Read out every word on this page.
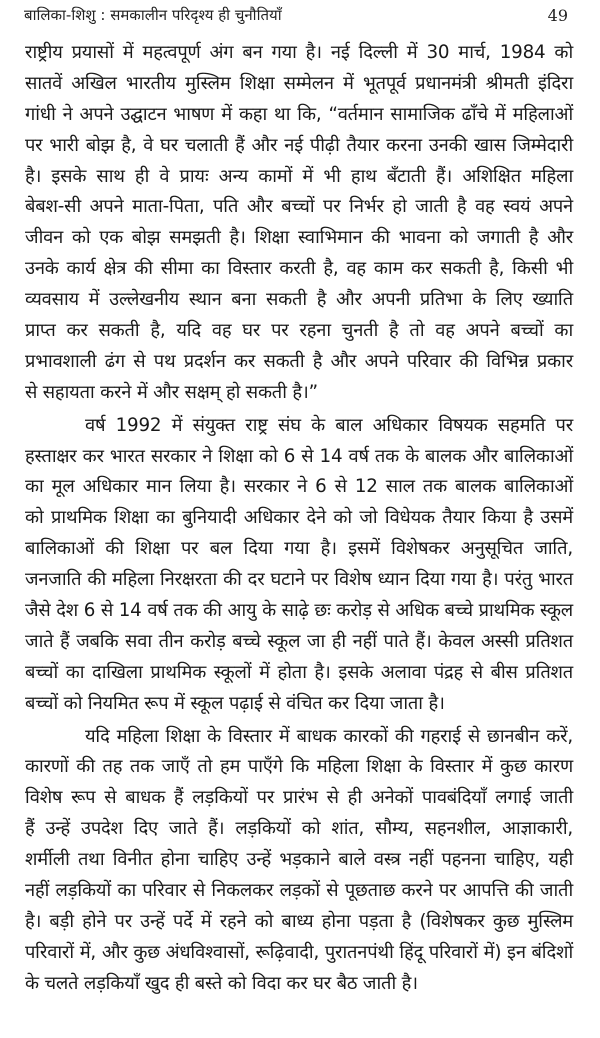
बालिका-शिशु : समकालीन परिदृश्य ही चुनौतियाँ	49
राष्ट्रीय प्रयासों में महत्वपूर्ण अंग बन गया है। नई दिल्ली में 30 मार्च, 1984 को
सातवें अखिल भारतीय मुस्लिम शिक्षा सम्मेलन में भूतपूर्व प्रधानमंत्री श्रीमती इंदिरा
गांधी ने अपने उद्घाटन भाषण में कहा था कि, “वर्तमान सामाजिक ढाँचे में महिलाओं
पर भारी बोझ है, वे घर चलाती हैं और नई पीढ़ी तैयार करना उनकी खास जिम्मेदारी
है। इसके साथ ही वे प्रायः अन्य कामों में भी हाथ बँटाती हैं। अशिक्षित महिला
बेबश-सी अपने माता-पिता, पति और बच्चों पर निर्भर हो जाती है वह स्वयं अपने
जीवन को एक बोझ समझती है। शिक्षा स्वाभिमान की भावना को जगाती है और
उनके कार्य क्षेत्र की सीमा का विस्तार करती है, वह काम कर सकती है, किसी भी
व्यवसाय में उल्लेखनीय स्थान बना सकती है और अपनी प्रतिभा के लिए ख्याति
प्राप्त कर सकती है, यदि वह घर पर रहना चुनती है तो वह अपने बच्चों का
प्रभावशाली ढंग से पथ प्रदर्शन कर सकती है और अपने परिवार की विभिन्न प्रकार
से सहायता करने में और सक्षम् हो सकती है।”
वर्ष 1992 में संयुक्त राष्ट्र संघ के बाल अधिकार विषयक सहमति पर
हस्ताक्षर कर भारत सरकार ने शिक्षा को 6 से 14 वर्ष तक के बालक और बालिकाओं
का मूल अधिकार मान लिया है। सरकार ने 6 से 12 साल तक बालक बालिकाओं
को प्राथमिक शिक्षा का बुनियादी अधिकार देने को जो विधेयक तैयार किया है उसमें
बालिकाओं की शिक्षा पर बल दिया गया है। इसमें विशेषकर अनुसूचित जाति,
जनजाति की महिला निरक्षरता की दर घटाने पर विशेष ध्यान दिया गया है। परंतु भारत
जैसे देश 6 से 14 वर्ष तक की आयु के साढ़े छः करोड़ से अधिक बच्चे प्राथमिक स्कूल
जाते हैं जबकि सवा तीन करोड़ बच्चे स्कूल जा ही नहीं पाते हैं। केवल अस्सी प्रतिशत
बच्चों का दाखिला प्राथमिक स्कूलों में होता है। इसके अलावा पंद्रह से बीस प्रतिशत
बच्चों को नियमित रूप में स्कूल पढ़ाई से वंचित कर दिया जाता है।
यदि महिला शिक्षा के विस्तार में बाधक कारकों की गहराई से छानबीन करें,
कारणों की तह तक जाएँ तो हम पाएँगे कि महिला शिक्षा के विस्तार में कुछ कारण
विशेष रूप से बाधक हैं लड़कियों पर प्रारंभ से ही अनेकों पावबंदियाँ लगाई जाती
हैं उन्हें उपदेश दिए जाते हैं। लड़कियों को शांत, सौम्य, सहनशील, आज्ञाकारी,
शर्मीली तथा विनीत होना चाहिए उन्हें भड़काने बाले वस्त्र नहीं पहनना चाहिए, यही
नहीं लड़कियों का परिवार से निकलकर लड़कों से पूछताछ करने पर आपत्ति की जाती
है। बड़ी होने पर उन्हें पर्दे में रहने को बाध्य होना पड़ता है (विशेषकर कुछ मुस्लिम
परिवारों में, और कुछ अंधविश्वासों, रूढ़िवादी, पुरातनपंथी हिंदू परिवारों में) इन बंदिशों
के चलते लड़कियाँ खुद ही बस्ते को विदा कर घर बैठ जाती है।
